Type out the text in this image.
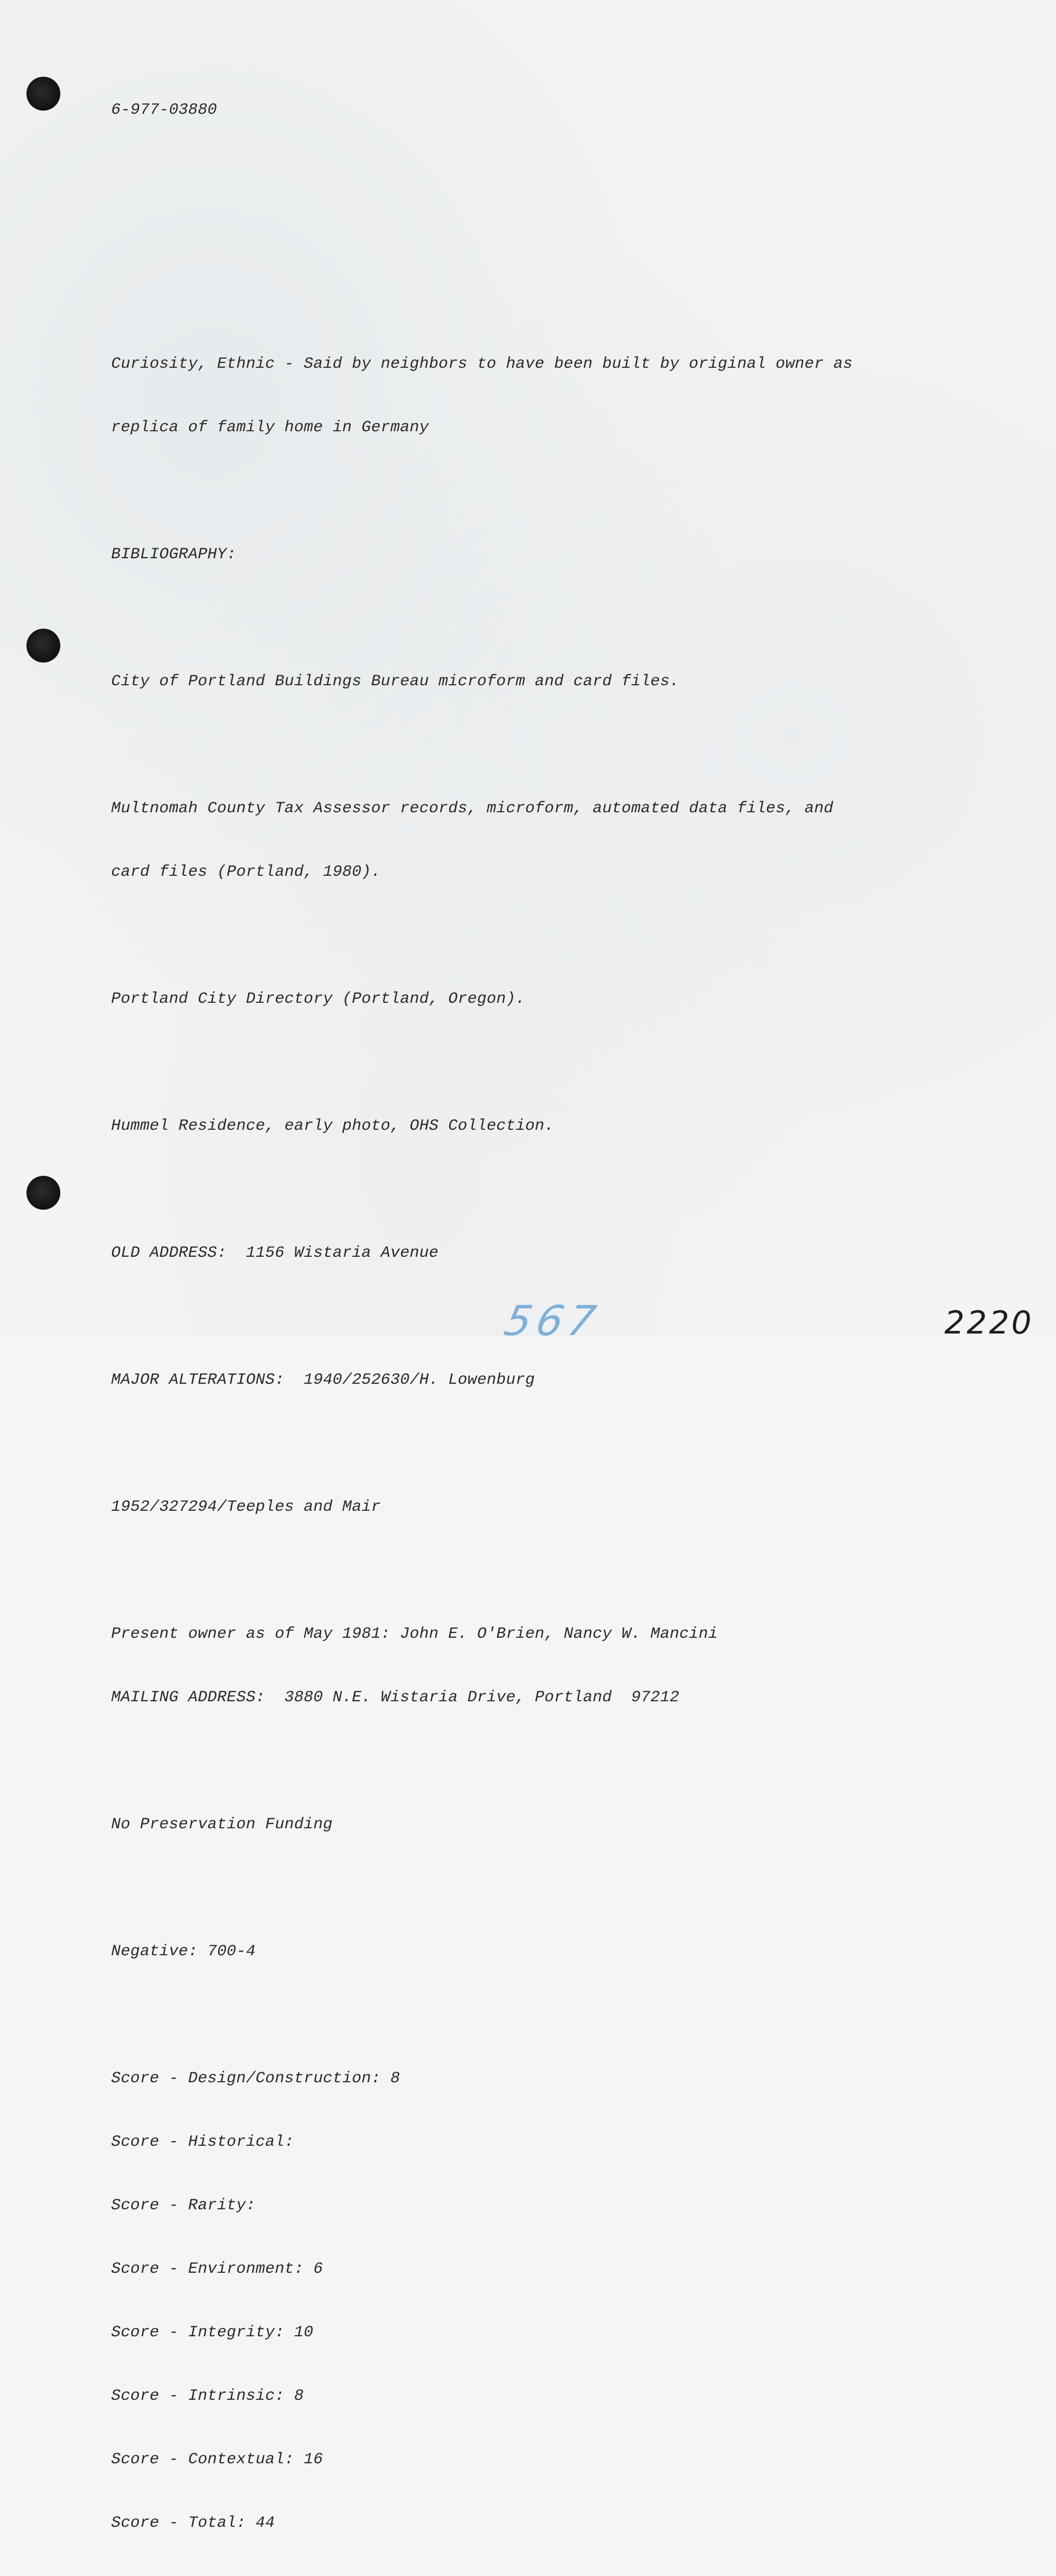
6-977-03880

Curiosity, Ethnic - Said by neighbors to have been built by original owner as

replica of family home in Germany

BIBLIOGRAPHY:

City of Portland Buildings Bureau microform and card files.

Multnomah County Tax Assessor records, microform, automated data files, and

card files (Portland, 1980).

Portland City Directory (Portland, Oregon).

Hummel Residence, early photo, OHS Collection.

OLD ADDRESS:  1156 Wistaria Avenue

MAJOR ALTERATIONS:  1940/252630/H. Lowenburg

1952/327294/Teeples and Mair

Present owner as of May 1981: John E. O'Brien, Nancy W. Mancini

MAILING ADDRESS:  3880 N.E. Wistaria Drive, Portland  97212

No Preservation Funding

Negative: 700-4

Score - Design/Construction: 8

Score - Historical:

Score - Rarity:

Score - Environment: 6

Score - Integrity: 10

Score - Intrinsic: 8

Score - Contextual: 16

Score - Total: 44

567	2220
